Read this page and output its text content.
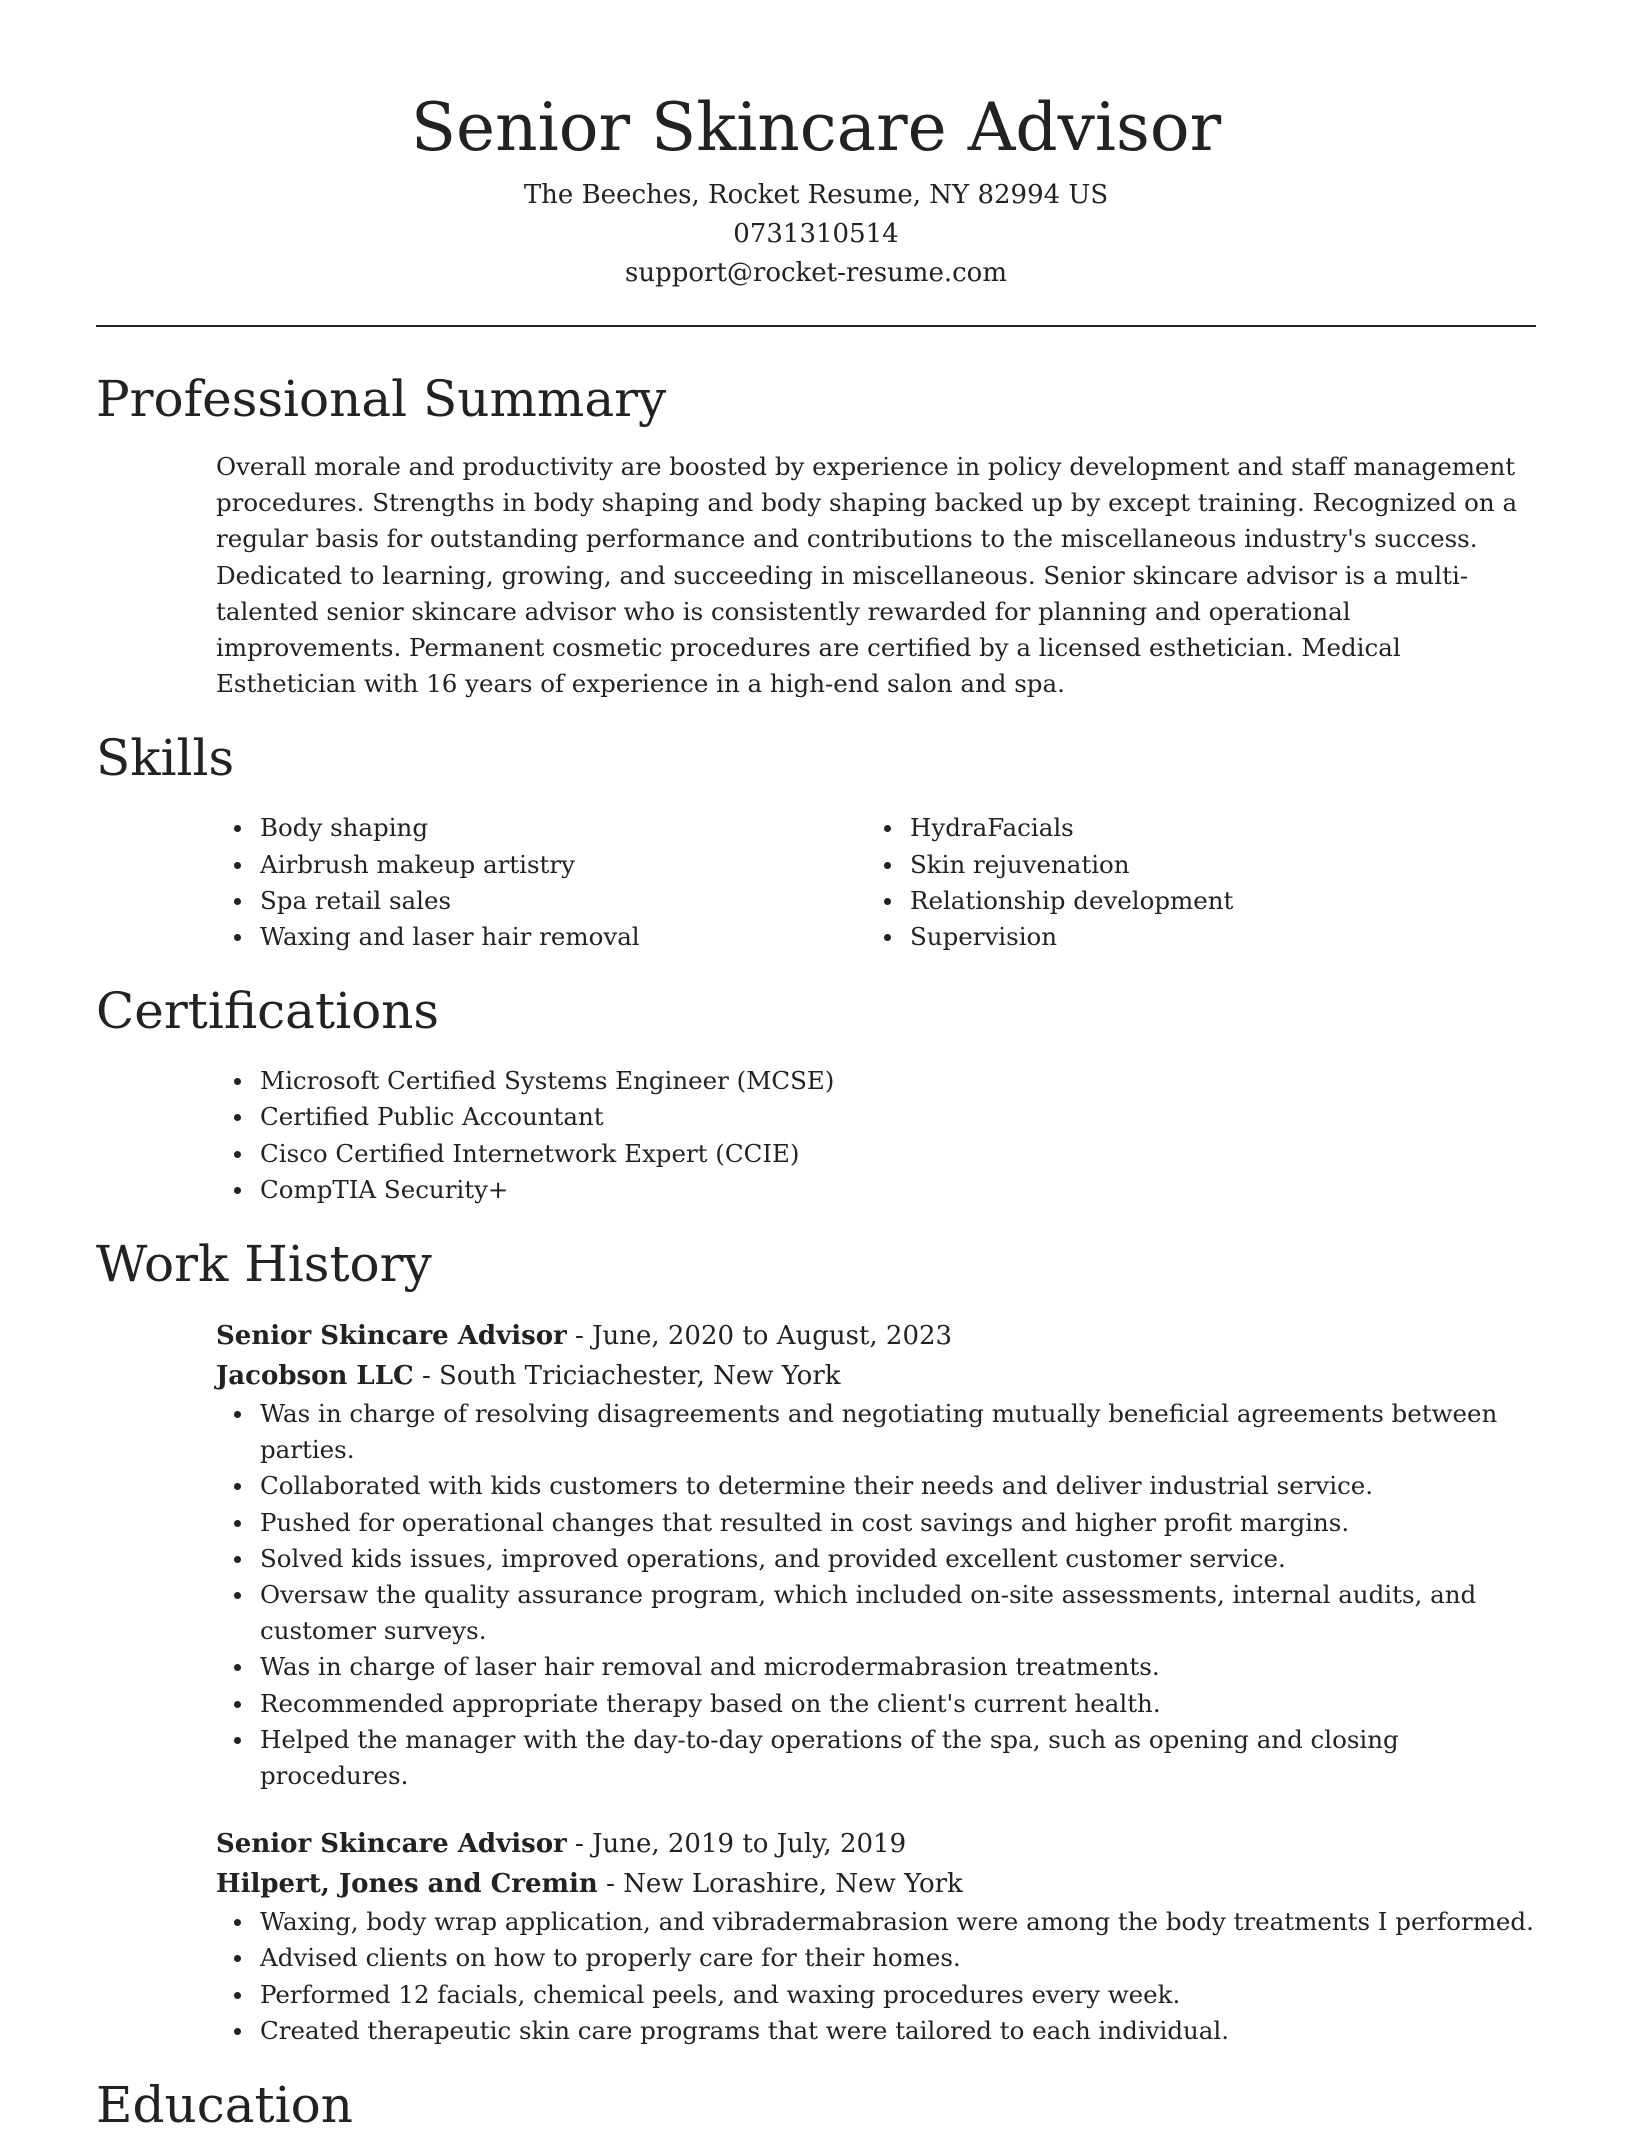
Senior Skincare Advisor
The Beeches, Rocket Resume, NY 82994 US
0731310514
support@rocket-resume.com
Professional Summary
Overall morale and productivity are boosted by experience in policy development and staff management procedures. Strengths in body shaping and body shaping backed up by except training. Recognized on a regular basis for outstanding performance and contributions to the miscellaneous industry's success. Dedicated to learning, growing, and succeeding in miscellaneous. Senior skincare advisor is a multi-talented senior skincare advisor who is consistently rewarded for planning and operational improvements. Permanent cosmetic procedures are certified by a licensed esthetician. Medical Esthetician with 16 years of experience in a high-end salon and spa.
Skills
Body shaping
Airbrush makeup artistry
Spa retail sales
Waxing and laser hair removal
HydraFacials
Skin rejuvenation
Relationship development
Supervision
Certifications
Microsoft Certified Systems Engineer (MCSE)
Certified Public Accountant
Cisco Certified Internetwork Expert (CCIE)
CompTIA Security+
Work History
Senior Skincare Advisor - June, 2020 to August, 2023
Jacobson LLC - South Triciachester, New York
Was in charge of resolving disagreements and negotiating mutually beneficial agreements between parties.
Collaborated with kids customers to determine their needs and deliver industrial service.
Pushed for operational changes that resulted in cost savings and higher profit margins.
Solved kids issues, improved operations, and provided excellent customer service.
Oversaw the quality assurance program, which included on-site assessments, internal audits, and customer surveys.
Was in charge of laser hair removal and microdermabrasion treatments.
Recommended appropriate therapy based on the client's current health.
Helped the manager with the day-to-day operations of the spa, such as opening and closing procedures.
Senior Skincare Advisor - June, 2019 to July, 2019
Hilpert, Jones and Cremin - New Lorashire, New York
Waxing, body wrap application, and vibradermabrasion were among the body treatments I performed.
Advised clients on how to properly care for their homes.
Performed 12 facials, chemical peels, and waxing procedures every week.
Created therapeutic skin care programs that were tailored to each individual.
Education
